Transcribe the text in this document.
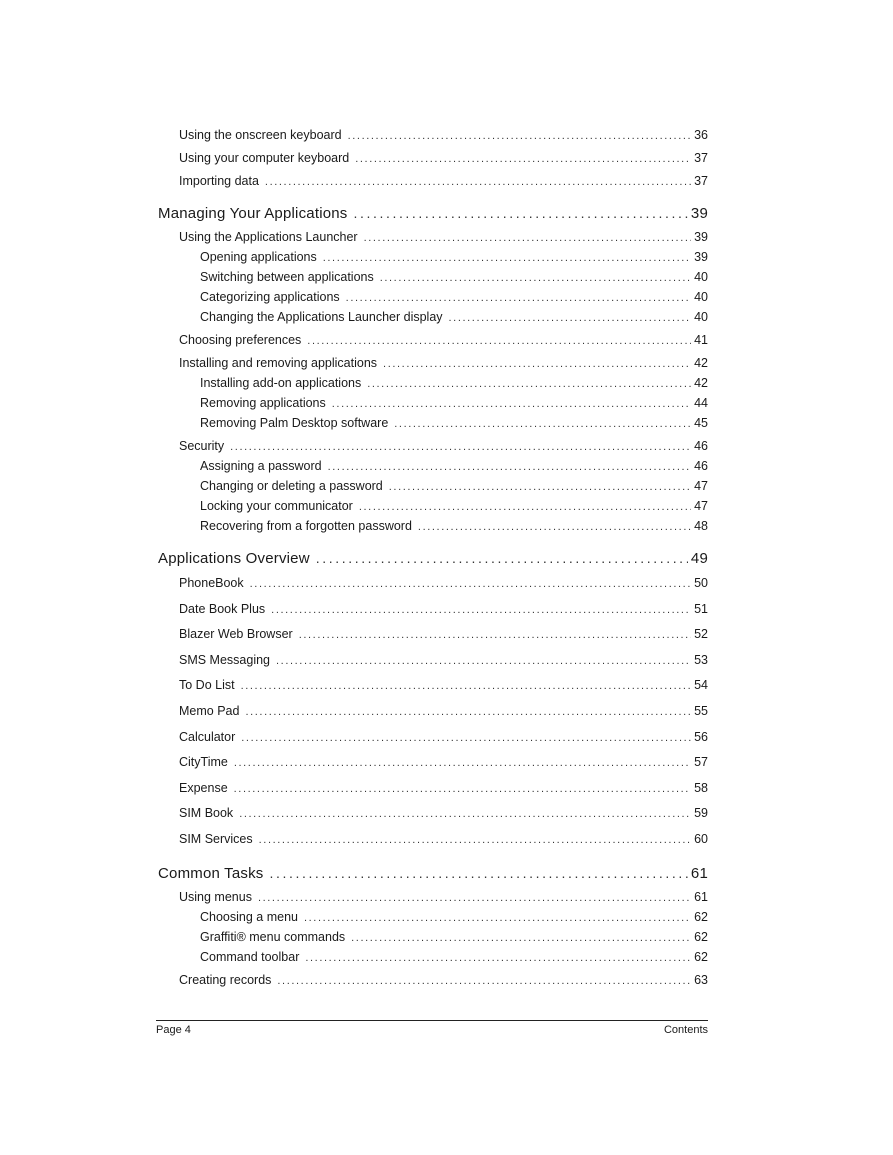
Using the onscreen keyboard .....	36
Using your computer keyboard .....	37
Importing data .....	37
Managing Your Applications .....	39
Using the Applications Launcher .....	39
Opening applications .....	39
Switching between applications .....	40
Categorizing applications .....	40
Changing the Applications Launcher display .....	40
Choosing preferences .....	41
Installing and removing applications .....	42
Installing add-on applications .....	42
Removing applications .....	44
Removing Palm Desktop software .....	45
Security .....	46
Assigning a password .....	46
Changing or deleting a password .....	47
Locking your communicator .....	47
Recovering from a forgotten password .....	48
Applications Overview .....	49
PhoneBook .....	50
Date Book Plus .....	51
Blazer Web Browser .....	52
SMS Messaging .....	53
To Do List .....	54
Memo Pad .....	55
Calculator .....	56
CityTime .....	57
Expense .....	58
SIM Book .....	59
SIM Services .....	60
Common Tasks .....	61
Using menus .....	61
Choosing a menu .....	62
Graffiti® menu commands .....	62
Command toolbar .....	62
Creating records .....	63
Page 4	Contents
